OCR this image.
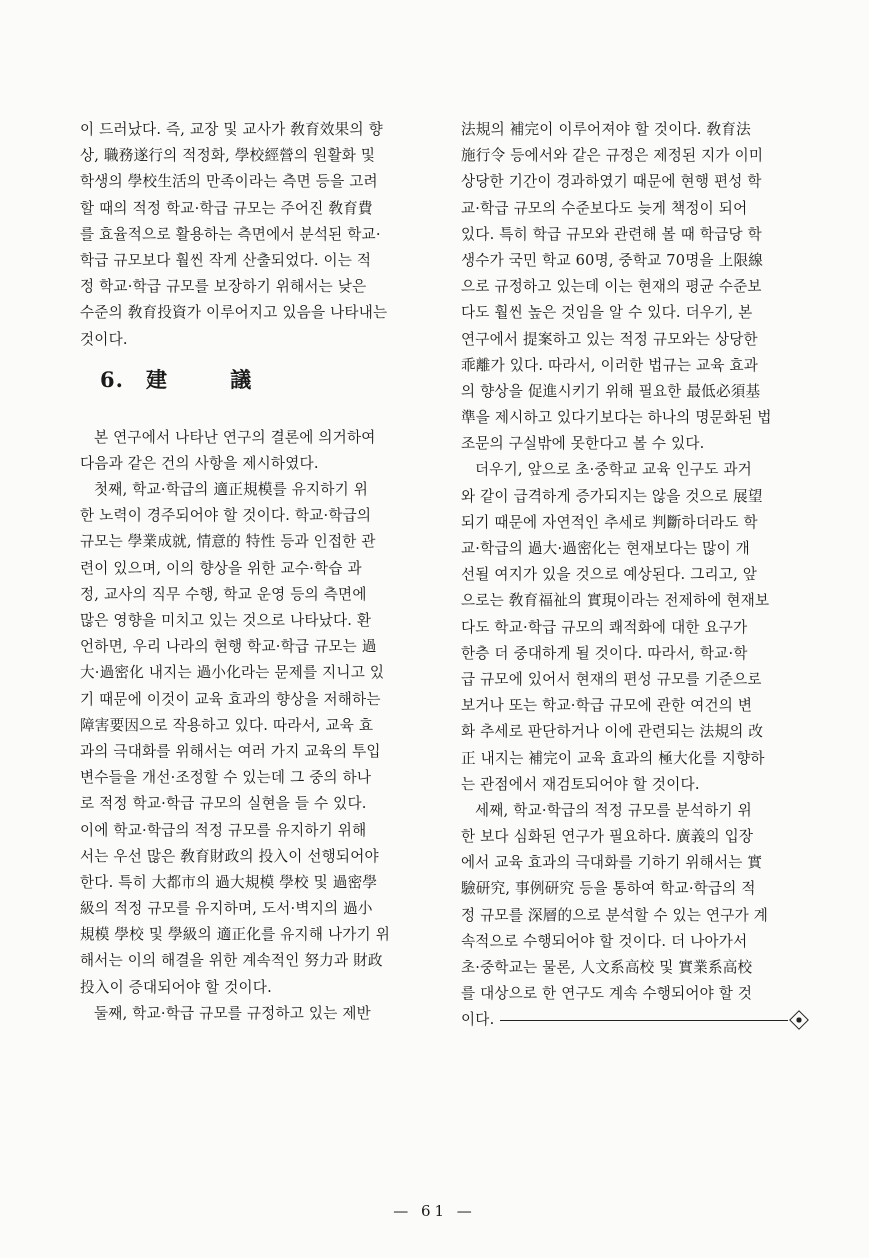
이 드러났다. 즉, 교장 및 교사가 敎育效果의 향
상, 職務遂行의 적정화, 學校經營의 원활화 및
학생의 學校生活의 만족이라는 측면 등을 고려
할 때의 적정 학교·학급 규모는 주어진 敎育費
를 효율적으로 활용하는 측면에서 분석된 학교·
학급 규모보다 훨씬 작게 산출되었다. 이는 적
정 학교·학급 규모를 보장하기 위해서는 낮은
수준의 敎育投資가 이루어지고 있음을 나타내는
것이다.
6. 建 議
본 연구에서 나타난 연구의 결론에 의거하여
다음과 같은 건의 사항을 제시하였다.
첫째, 학교·학급의 適正規模를 유지하기 위
한 노력이 경주되어야 할 것이다. 학교·학급의
규모는 學業成就, 情意的 特性 등과 인접한 관
련이 있으며, 이의 향상을 위한 교수·학습 과
정, 교사의 직무 수행, 학교 운영 등의 측면에
많은 영향을 미치고 있는 것으로 나타났다. 환
언하면, 우리 나라의 현행 학교·학급 규모는 過
大·過密化 내지는 過小化라는 문제를 지니고 있
기 때문에 이것이 교육 효과의 향상을 저해하는
障害要因으로 작용하고 있다. 따라서, 교육 효
과의 극대화를 위해서는 여러 가지 교육의 투입
변수들을 개선·조정할 수 있는데 그 중의 하나
로 적정 학교·학급 규모의 실현을 들 수 있다.
이에 학교·학급의 적정 규모를 유지하기 위해
서는 우선 많은 敎育財政의 投入이 선행되어야
한다. 특히 大都市의 過大規模 學校 및 過密學
級의 적정 규모를 유지하며, 도서·벽지의 過小
規模 學校 및 學級의 適正化를 유지해 나가기 위
해서는 이의 해결을 위한 계속적인 努力과 財政
投入이 증대되어야 할 것이다.
둘째, 학교·학급 규모를 규정하고 있는 제반
法規의 補完이 이루어져야 할 것이다. 敎育法
施行令 등에서와 같은 규정은 제정된 지가 이미
상당한 기간이 경과하였기 때문에 현행 편성 학
교·학급 규모의 수준보다도 늦게 책정이 되어
있다. 특히 학급 규모와 관련해 볼 때 학급당 학
생수가 국민 학교 60명, 중학교 70명을 上限線
으로 규정하고 있는데 이는 현재의 평균 수준보
다도 훨씬 높은 것임을 알 수 있다. 더우기, 본
연구에서 提案하고 있는 적정 규모와는 상당한
乖離가 있다. 따라서, 이러한 법규는 교육 효과
의 향상을 促進시키기 위해 필요한 最低必須基
準을 제시하고 있다기보다는 하나의 명문화된 법
조문의 구실밖에 못한다고 볼 수 있다.
더우기, 앞으로 초·중학교 교육 인구도 과거
와 같이 급격하게 증가되지는 않을 것으로 展望
되기 때문에 자연적인 추세로 判斷하더라도 학
교·학급의 過大·過密化는 현재보다는 많이 개
선될 여지가 있을 것으로 예상된다. 그리고, 앞
으로는 敎育福祉의 實現이라는 전제하에 현재보
다도 학교·학급 규모의 쾌적화에 대한 요구가
한층 더 중대하게 될 것이다. 따라서, 학교·학
급 규모에 있어서 현재의 편성 규모를 기준으로
보거나 또는 학교·학급 규모에 관한 여건의 변
화 추세로 판단하거나 이에 관련되는 法規의 改
正 내지는 補完이 교육 효과의 極大化를 지향하
는 관점에서 재검토되어야 할 것이다.
세째, 학교·학급의 적정 규모를 분석하기 위
한 보다 심화된 연구가 필요하다. 廣義의 입장
에서 교육 효과의 극대화를 기하기 위해서는 實
驗研究, 事例研究 등을 통하여 학교·학급의 적
정 규모를 深層的으로 분석할 수 있는 연구가 계
속적으로 수행되어야 할 것이다. 더 나아가서
초·중학교는 물론, 人文系高校 및 實業系高校
를 대상으로 한 연구도 계속 수행되어야 할 것
이다.
— 61 —
